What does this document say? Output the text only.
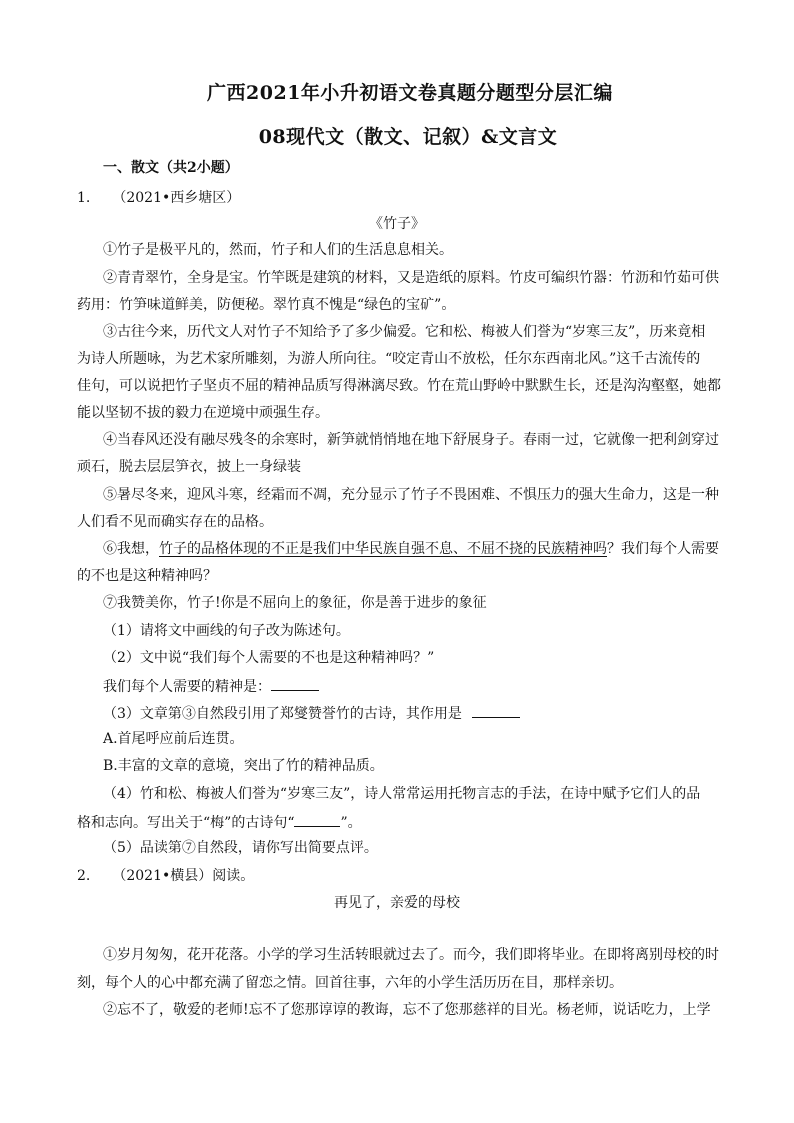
广西2021年小升初语文卷真题分题型分层汇编
08现代文（散文、记叙）&文言文
一、散文（共2小题）
1. （2021•西乡塘区）
《竹子》
①竹子是极平凡的，然而，竹子和人们的生活息息相关。
②青青翠竹，全身是宝。竹竿既是建筑的材料，又是造纸的原料。竹皮可编织竹器：竹沥和竹茹可供
药用：竹笋味道鲜美，防便秘。翠竹真不愧是“绿色的宝矿”。
③古往今来，历代文人对竹子不知给予了多少偏爱。它和松、梅被人们誉为“岁寒三友”，历来竟相
为诗人所题咏，为艺术家所雕刻，为游人所向往。“咬定青山不放松，任尔东西南北风。”这千古流传的
佳句，可以说把竹子坚贞不屈的精神品质写得淋漓尽致。竹在荒山野岭中默默生长，还是沟沟壑壑，她都
能以坚韧不拔的毅力在逆境中顽强生存。
④当春风还没有融尽残冬的余寒时，新笋就悄悄地在地下舒展身子。春雨一过，它就像一把利剑穿过
顽石，脱去层层笋衣，披上一身绿装
⑤暑尽冬来，迎风斗寒，经霜而不凋，充分显示了竹子不畏困难、不惧压力的强大生命力，这是一种
人们看不见而确实存在的品格。
⑥我想，竹子的品格体现的不正是我们中华民族自强不息、不屈不挠的民族精神吗？我们每个人需要
的不也是这种精神吗？
⑦我赞美你，竹子!你是不屈向上的象征，你是善于进步的象征
（1）请将文中画线的句子改为陈述句。
（2）文中说“我们每个人需要的不也是这种精神吗？”
我们每个人需要的精神是：
（3）文章第③自然段引用了郑燮赞誉竹的古诗，其作用是
A.首尾呼应前后连贯。
B.丰富的文章的意境，突出了竹的精神品质。
（4）竹和松、梅被人们誉为“岁寒三友”，诗人常常运用托物言志的手法，在诗中赋予它们人的品
格和志向。写出关于“梅”的古诗句“	”。
（5）品读第⑦自然段，请你写出简要点评。
2. （2021•横县）阅读。
再见了，亲爱的母校
①岁月匆匆，花开花落。小学的学习生活转眼就过去了。而今，我们即将毕业。在即将离别母校的时
刻，每个人的心中都充满了留恋之情。回首往事，六年的小学生活历历在目，那样亲切。
②忘不了，敬爱的老师!忘不了您那谆谆的教诲，忘不了您那慈祥的目光。杨老师，说话吃力，上学
